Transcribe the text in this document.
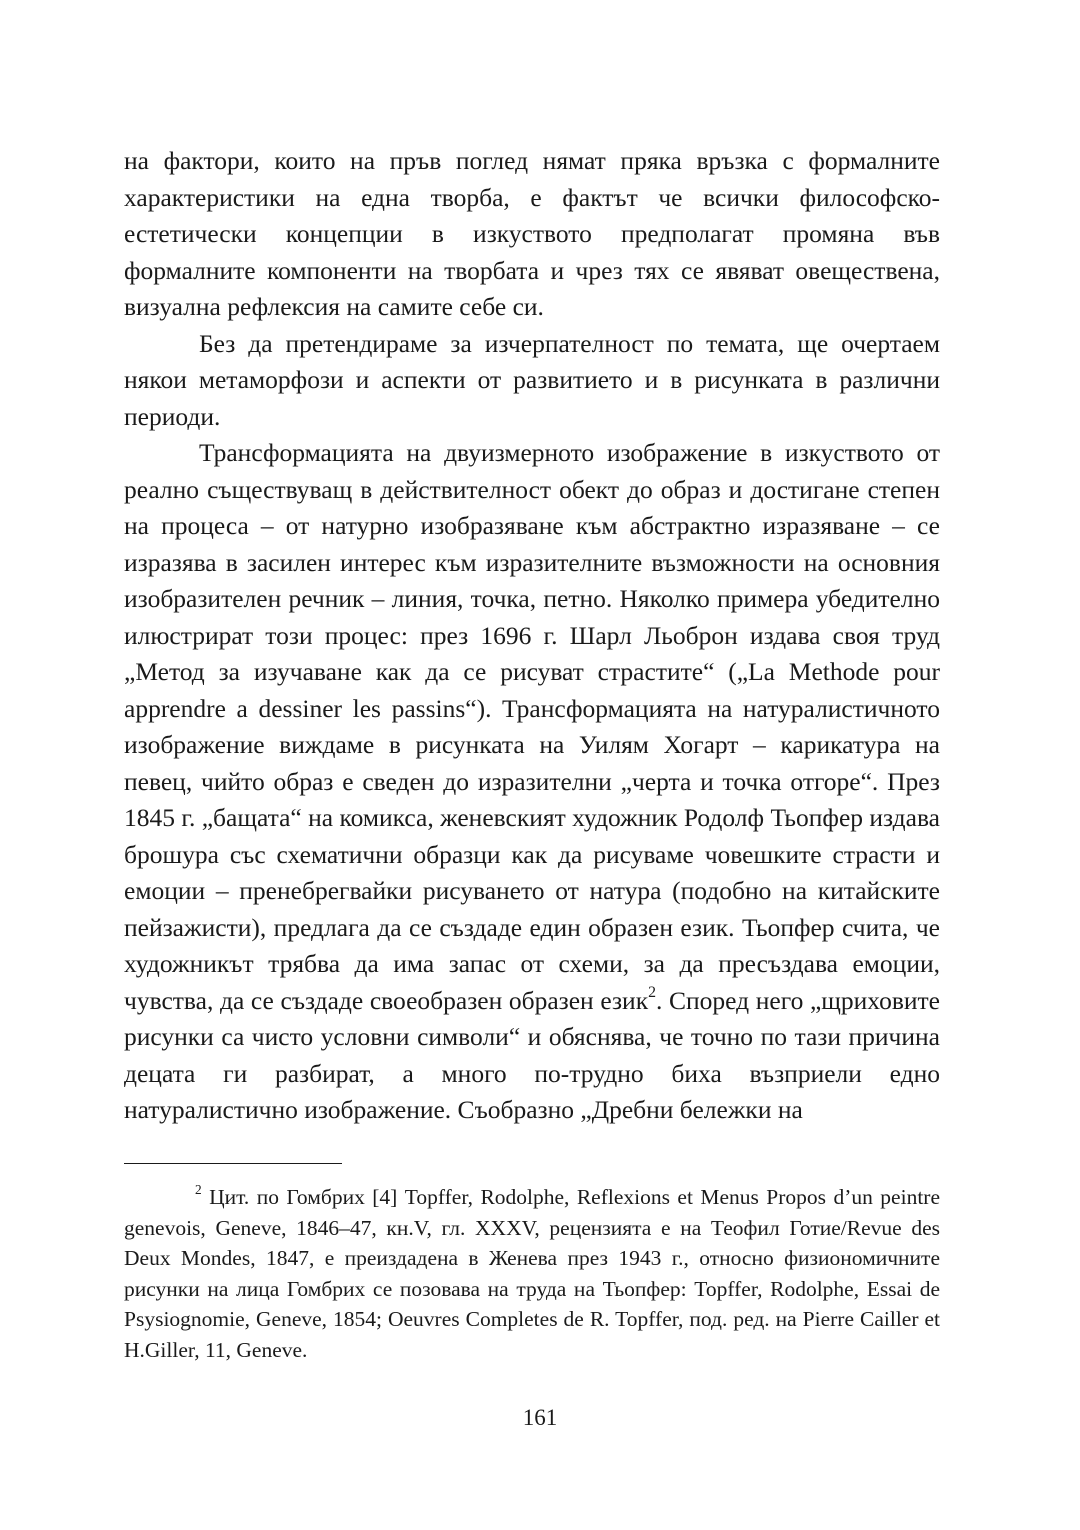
на фактори, които на пръв поглед нямат пряка връзка с формалните характеристики на една творба, е фактът че всички философско-естетически концепции в изкуството предполагат промяна във формалните компоненти на творбата и чрез тях се явяват овеществена, визуална рефлексия на самите себе си.

Без да претендираме за изчерпателност по темата, ще очертаем някои метаморфози и аспекти от развитието и в рисунката в различни периоди.

Трансформацията на двуизмерното изображение в изкуството от реално съществуващ в действителност обект до образ и достигане степен на процеса – от натурно изобразяване към абстрактно изразяване – се изразява в засилен интерес към изразителните възможности на основния изобразителен речник – линия, точка, петно. Няколко примера убедително илюстрират този процес: през 1696 г. Шарл Льоброн издава своя труд „Метод за изучаване как да се рисуват страстите“ („La Methode pour apprendre a dessiner les passins“). Трансформацията на натуралистичното изображение виждаме в рисунката на Уилям Хогарт – карикатура на певец, чийто образ е сведен до изразителни „черта и точка отгоре“. През 1845 г. „бащата“ на комикса, женевският художник Родолф Тьопфер издава брошура със схематични образци как да рисуваме човешките страсти и емоции – пренебрегвайки рисуването от натура (подобно на китайските пейзажисти), предлага да се създаде един образен език. Тьопфер счита, че художникът трябва да има запас от схеми, за да пресъздава емоции, чувства, да се създаде своеобразен образен език$^2$. Според него „щриховите рисунки са чисто условни символи“ и обяснява, че точно по тази причина децата ги разбират, а много по-трудно биха възприели едно натуралистично изображение. Съобразно „Дребни бележки на

$^2$ Цит. по Гомбрих [4] Topffer, Rodolphe, Reflexions et Menus Propos d’un peintre genevois, Geneve, 1846–47, кн.V, гл. XXXV, рецензията е на Теофил Готие/Revue des Deux Mondes, 1847, е преиздадена в Женева през 1943 г., относно физиономичните рисунки на лица Гомбрих се позовава на труда на Тьопфер: Topffer, Rodolphe, Essai de Psysiognomie, Geneve, 1854; Oeuvres Completes de R. Topffer, под. ред. на Pierre Cailler et H.Giller, 11, Geneve.

161
